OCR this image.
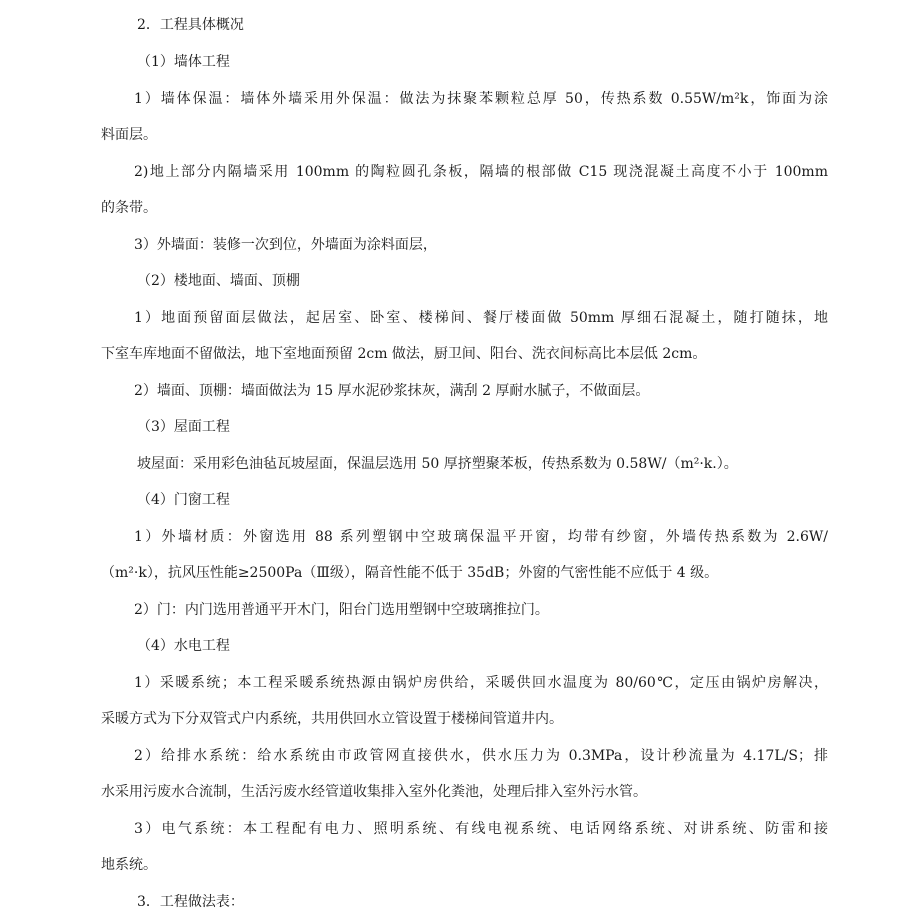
2．工程具体概况
（1）墙体工程
1）墙体保温：墙体外墙采用外保温：做法为抹聚苯颗粒总厚 50，传热系数 0.55W/m²k，饰面为涂
料面层。
2)地上部分内隔墙采用 100mm 的陶粒圆孔条板，隔墙的根部做 C15 现浇混凝土高度不小于 100mm
的条带。
3）外墙面：装修一次到位，外墙面为涂料面层，
（2）楼地面、墙面、顶棚
1）地面预留面层做法，起居室、卧室、楼梯间、餐厅楼面做 50mm 厚细石混凝土，随打随抹，地
下室车库地面不留做法，地下室地面预留 2cm 做法，厨卫间、阳台、洗衣间标高比本层低 2cm。
2）墙面、顶棚：墙面做法为 15 厚水泥砂浆抹灰，满刮 2 厚耐水腻子，不做面层。
（3）屋面工程
坡屋面：采用彩色油毡瓦坡屋面，保温层选用 50 厚挤塑聚苯板，传热系数为 0.58W/（m²·k.）。
（4）门窗工程
1）外墙材质：外窗选用 88 系列塑钢中空玻璃保温平开窗，均带有纱窗，外墙传热系数为 2.6W/
（m²·k），抗风压性能≥2500Pa（Ⅲ级），隔音性能不低于 35dB；外窗的气密性能不应低于 4 级。
2）门：内门选用普通平开木门，阳台门选用塑钢中空玻璃推拉门。
（4）水电工程
1）采暖系统；本工程采暖系统热源由锅炉房供给，采暖供回水温度为 80/60℃，定压由锅炉房解决，
采暖方式为下分双管式户内系统，共用供回水立管设置于楼梯间管道井内。
2）给排水系统：给水系统由市政管网直接供水，供水压力为 0.3MPa，设计秒流量为 4.17L/S；排
水采用污废水合流制，生活污废水经管道收集排入室外化粪池，处理后排入室外污水管。
3）电气系统：本工程配有电力、照明系统、有线电视系统、电话网络系统、对讲系统、防雷和接
地系统。
3．工程做法表：
